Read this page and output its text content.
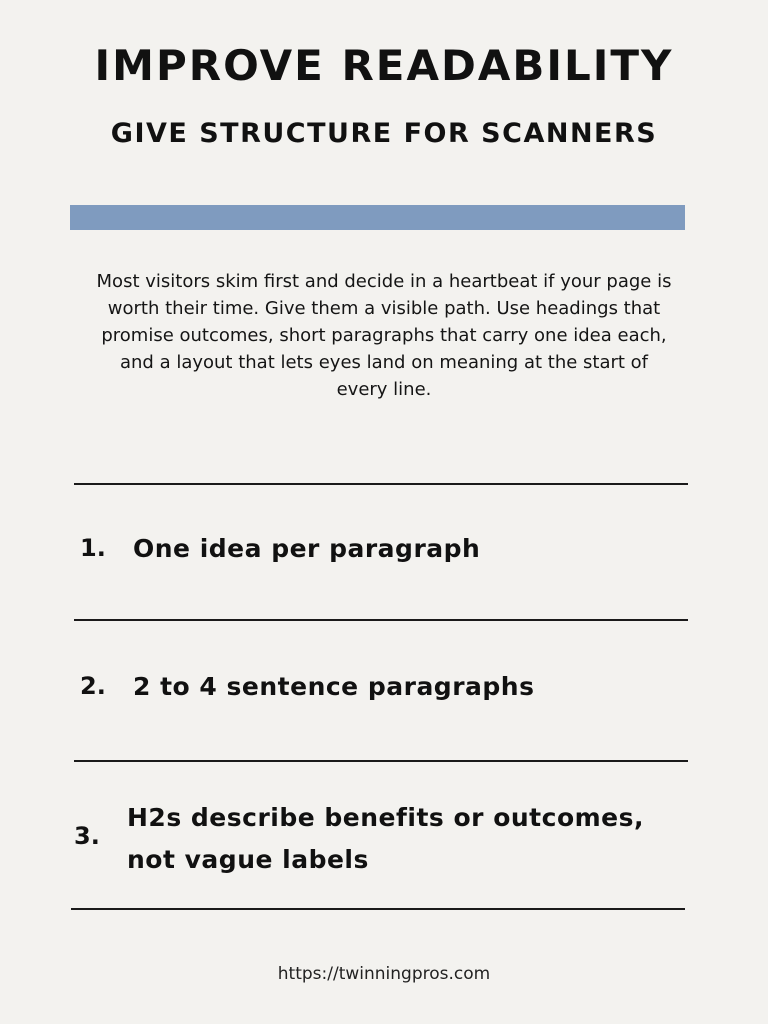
IMPROVE READABILITY
GIVE STRUCTURE FOR SCANNERS

Most visitors skim first and decide in a heartbeat if your page is worth their time. Give them a visible path. Use headings that promise outcomes, short paragraphs that carry one idea each, and a layout that lets eyes land on meaning at the start of every line.

1. One idea per paragraph
2. 2 to 4 sentence paragraphs
3.
H2s describe benefits or outcomes, not vague labels
https://twinningpros.com
